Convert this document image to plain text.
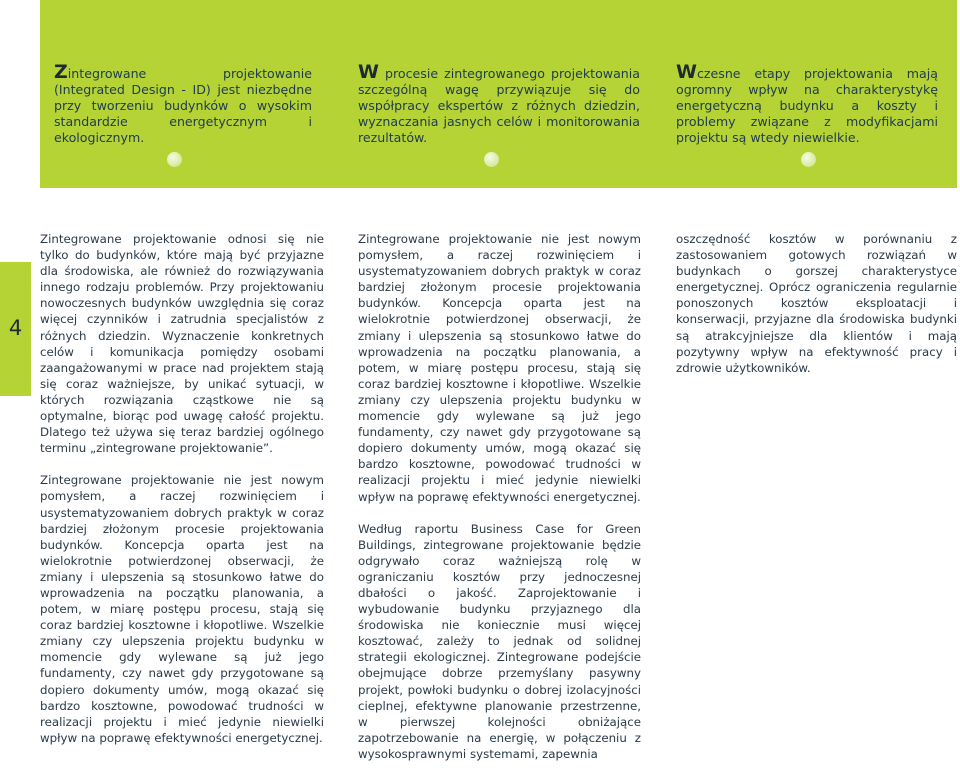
Zintegrowane projektowanie (Integrated Design - ID) jest niezbędne przy tworzeniu budynków o wysokim standardzie energetycznym i ekologicznym.
W procesie zintegrowanego projektowania szczególną wagę przywiązuje się do współpracy ekspertów z różnych dziedzin, wyznaczania jasnych celów i monitorowania rezultatów.
Wczesne etapy projektowania mają ogromny wpływ na charakterystykę energetyczną budynku a koszty i problemy związane z modyfikacjami projektu są wtedy niewielkie.
4

Zintegrowane projektowanie odnosi się nie tylko do budynków, które mają być przyjazne dla środowiska, ale również do rozwiązywania innego rodzaju problemów. Przy projektowaniu nowoczesnych budynków uwzględnia się coraz więcej czynników i zatrudnia specjalistów z różnych dziedzin. Wyznaczenie konkretnych celów i komunikacja pomiędzy osobami zaangażowanymi w prace nad projektem stają się coraz ważniejsze, by unikać sytuacji, w których rozwiązania cząstkowe nie są optymalne, biorąc pod uwagę całość projektu. Dlatego też używa się teraz bardziej ogólnego terminu „zintegrowane projektowanie”.

Zintegrowane projektowanie nie jest nowym pomysłem, a raczej rozwinięciem i usystematyzowaniem dobrych praktyk w coraz bardziej złożonym procesie projektowania budynków. Koncepcja oparta jest na wielokrotnie potwierdzonej obserwacji, że zmiany i ulepszenia są stosunkowo łatwe do wprowadzenia na początku planowania, a potem, w miarę postępu procesu, stają się coraz bardziej kosztowne i kłopotliwe. Wszelkie zmiany czy ulepszenia projektu budynku w momencie gdy wylewane są już jego fundamenty, czy nawet gdy przygotowane są dopiero dokumenty umów, mogą okazać się bardzo kosztowne, powodować trudności w realizacji projektu i mieć jedynie niewielki wpływ na poprawę efektywności energetycznej.

Zintegrowane projektowanie nie jest nowym pomysłem, a raczej rozwinięciem i usystematyzowaniem dobrych praktyk w coraz bardziej złożonym procesie projektowania budynków. Koncepcja oparta jest na wielokrotnie potwierdzonej obserwacji, że zmiany i ulepszenia są stosunkowo łatwe do wprowadzenia na początku planowania, a potem, w miarę postępu procesu, stają się coraz bardziej kosztowne i kłopotliwe. Wszelkie zmiany czy ulepszenia projektu budynku w momencie gdy wylewane są już jego fundamenty, czy nawet gdy przygotowane są dopiero dokumenty umów, mogą okazać się bardzo kosztowne, powodować trudności w realizacji projektu i mieć jedynie niewielki wpływ na poprawę efektywności energetycznej.

Według raportu Business Case for Green Buildings, zintegrowane projektowanie będzie odgrywało coraz ważniejszą rolę w ograniczaniu kosztów przy jednoczesnej dbałości o jakość. Zaprojektowanie i wybudowanie budynku przyjaznego dla środowiska nie koniecznie musi więcej kosztować, zależy to jednak od solidnej strategii ekologicznej. Zintegrowane podejście obejmujące dobrze przemyślany pasywny projekt, powłoki budynku o dobrej izolacyjności cieplnej, efektywne planowanie przestrzenne, w pierwszej kolejności obniżające zapotrzebowanie na energię, w połączeniu z wysokosprawnymi systemami, zapewnia

oszczędność kosztów w porównaniu z zastosowaniem gotowych rozwiązań w budynkach o gorszej charakterystyce energetycznej. Oprócz ograniczenia regularnie ponoszonych kosztów eksploatacji i konserwacji, przyjazne dla środowiska budynki są atrakcyjniejsze dla klientów i mają pozytywny wpływ na efektywność pracy i zdrowie użytkowników.
